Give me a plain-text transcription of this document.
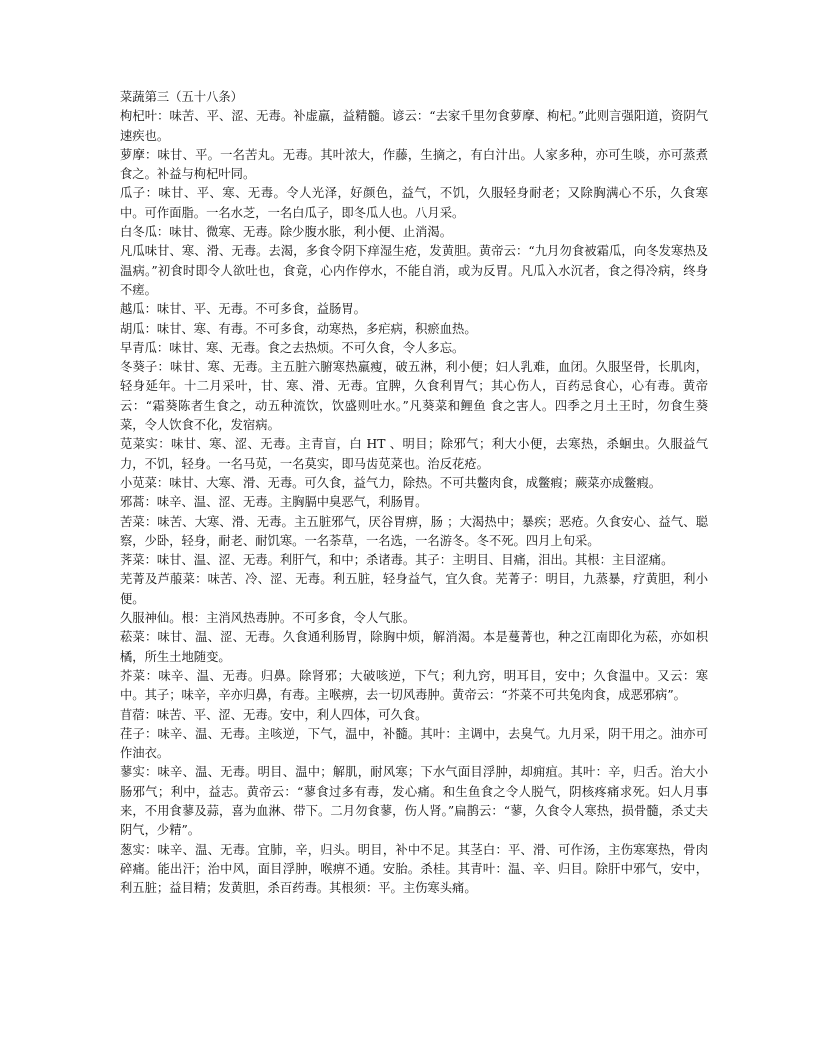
菜蔬第三（五十八条）

枸杞叶：味苦、平、涩、无毒。补虚羸，益精髓。谚云：“去家千里勿食萝摩、枸杞。”此则言强阳道，资阴气速疾也。

萝摩：味甘、平。一名苦丸。无毒。其叶浓大，作藤，生摘之，有白汁出。人家多种，亦可生啖，亦可蒸煮食之。补益与枸杞叶同。

瓜子：味甘、平、寒、无毒。令人光泽，好颜色，益气，不饥，久服轻身耐老；又除胸满心不乐，久食寒中。可作面脂。一名水芝，一名白瓜子，即冬瓜人也。八月采。

白冬瓜：味甘、微寒、无毒。除少腹水胀，利小便、止消渴。

凡瓜味甘、寒、滑、无毒。去渴，多食令阴下痒湿生疮，发黄胆。黄帝云：“九月勿食被霜瓜，向冬发寒热及温病。”初食时即令人欲吐也，食竟，心内作停水，不能自消，或为反胃。凡瓜入水沉者，食之得冷病，终身不瘥。

越瓜：味甘、平、无毒。不可多食，益肠胃。

胡瓜：味甘、寒、有毒。不可多食，动寒热，多疟病，积瘀血热。

早青瓜：味甘、寒、无毒。食之去热烦。不可久食，令人多忘。

冬葵子：味甘、寒、无毒。主五脏六腑寒热羸瘦，破五淋，利小便；妇人乳难，血闭。久服坚骨，长肌肉，轻身延年。十二月采叶，甘、寒、滑、无毒。宜脾，久食利胃气；其心伤人，百药忌食心，心有毒。黄帝云：“霜葵陈者生食之，动五种流饮，饮盛则吐水。”凡葵菜和鲤鱼 食之害人。四季之月土王时，勿食生葵菜，令人饮食不化，发宿病。

苋菜实：味甘、寒、涩、无毒。主青盲，白 HT 、明目；除邪气；利大小便，去寒热，杀蛔虫。久服益气力，不饥，轻身。一名马苋，一名莫实，即马齿苋菜也。治反花疮。

小苋菜：味甘、大寒、滑、无毒。可久食，益气力，除热。不可共鳖肉食，成鳖瘕；蕨菜亦成鳖瘕。

邪蒿：味辛、温、涩、无毒。主胸膈中臭恶气，利肠胃。

苦菜：味苦、大寒、滑、无毒。主五脏邪气，厌谷胃痹，肠 ；大渴热中；暴疾；恶疮。久食安心、益气、聪察，少卧，轻身，耐老、耐饥寒。一名荼草，一名选，一名游冬。冬不死。四月上旬采。

荠菜：味甘、温、涩、无毒。利肝气，和中；杀诸毒。其子：主明目、目痛，泪出。其根：主目涩痛。

芜菁及芦菔菜：味苦、冷、涩、无毒。利五脏，轻身益气，宜久食。芜菁子：明目，九蒸暴，疗黄胆，利小便。

久服神仙。根：主消风热毒肿。不可多食，令人气胀。

菘菜：味甘、温、涩、无毒。久食通利肠胃，除胸中烦，解消渴。本是蔓菁也，种之江南即化为菘，亦如枳橘，所生土地随变。

芥菜：味辛、温、无毒。归鼻。除肾邪；大破咳逆，下气；利九窍，明耳目，安中；久食温中。又云：寒中。其子；味辛，辛亦归鼻，有毒。主喉痹，去一切风毒肿。黄帝云：“芥菜不可共兔肉食，成恶邪病”。

苜蓿：味苦、平、涩、无毒。安中，利人四体，可久食。

荏子：味辛、温、无毒。主咳逆，下气，温中，补髓。其叶：主调中，去臭气。九月采，阴干用之。油亦可作油衣。

蓼实：味辛、温、无毒。明目、温中；解肌，耐风寒；下水气面目浮肿，却痈疽。其叶：辛，归舌。治大小肠邪气；利中，益志。黄帝云：“蓼食过多有毒，发心痛。和生鱼食之令人脱气，阴核疼痛求死。妇人月事来，不用食蓼及蒜，喜为血淋、带下。二月勿食蓼，伤人肾。”扁鹊云：“蓼，久食令人寒热，损骨髓，杀丈夫阴气，少精”。

葱实：味辛、温、无毒。宜肺，辛，归头。明目，补中不足。其茎白：平、滑、可作汤，主伤寒寒热，骨肉碎痛。能出汗；治中风，面目浮肿，喉痹不通。安胎。杀桂。其青叶：温、辛、归目。除肝中邪气，安中，利五脏；益目精；发黄胆，杀百药毒。其根须：平。主伤寒头痛。
